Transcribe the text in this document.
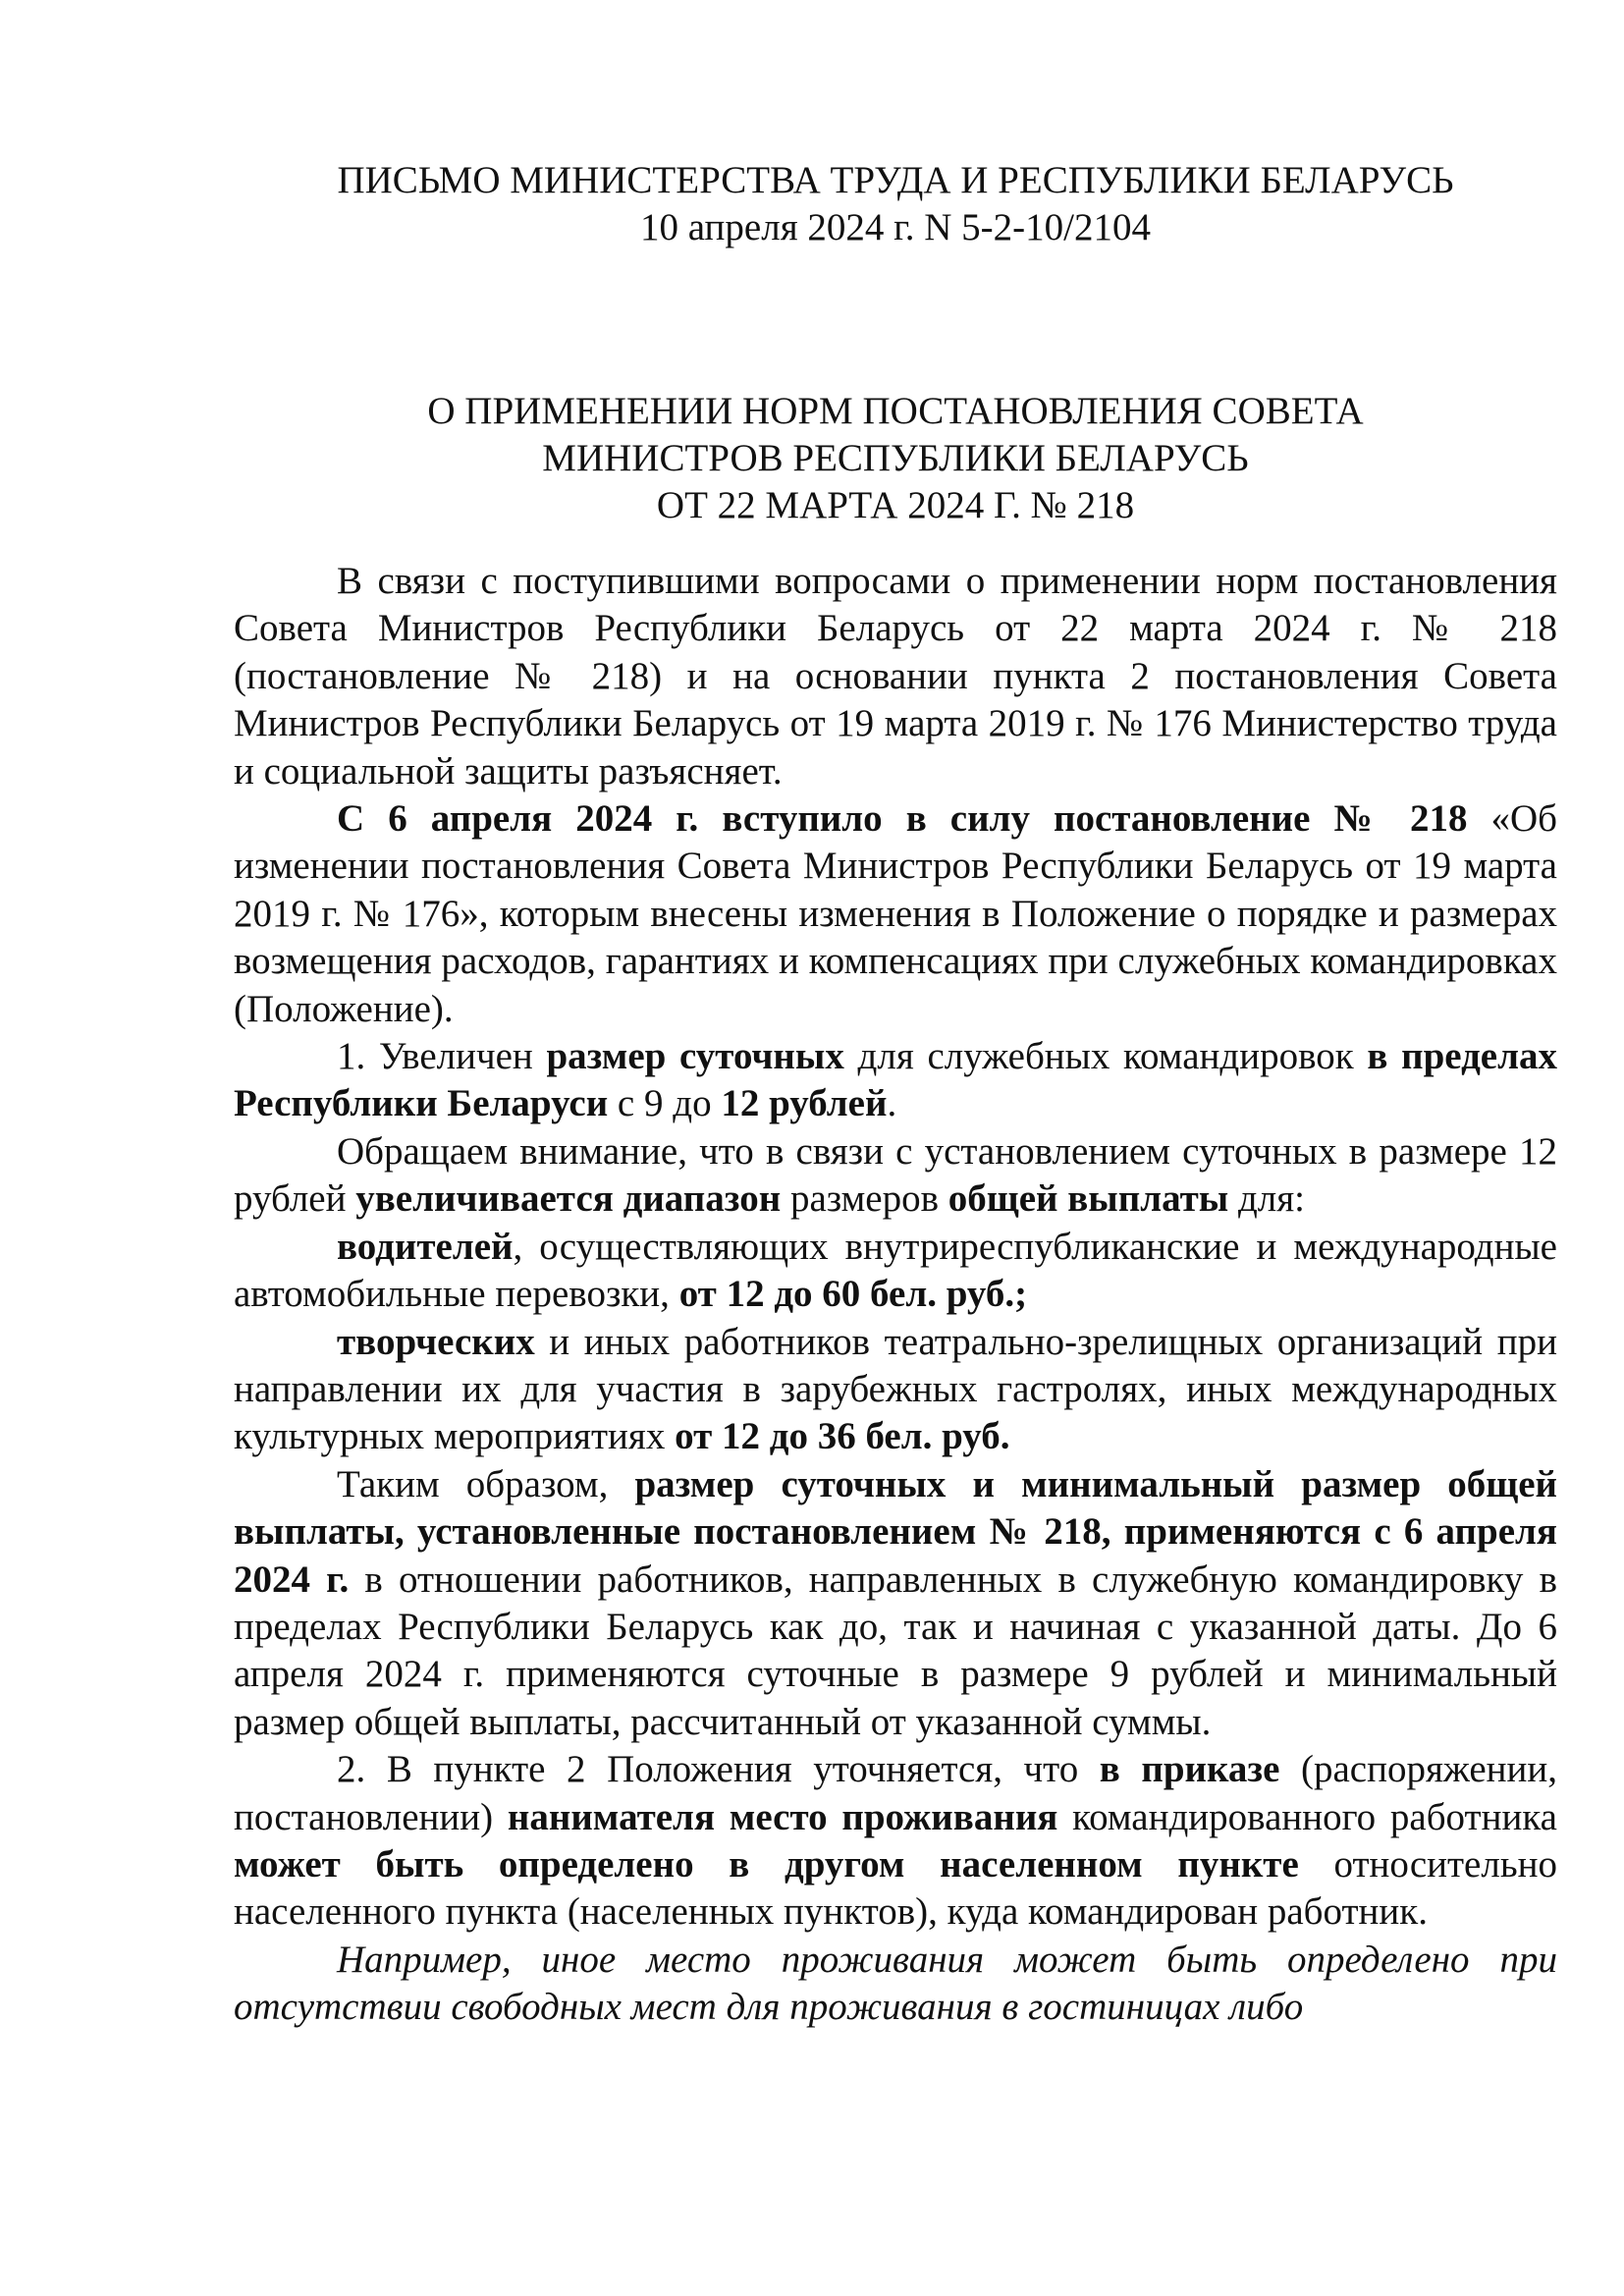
ПИСЬМО МИНИСТЕРСТВА ТРУДА И РЕСПУБЛИКИ БЕЛАРУСЬ
10 апреля 2024 г. N 5-2-10/2104
О ПРИМЕНЕНИИ НОРМ ПОСТАНОВЛЕНИЯ СОВЕТА
МИНИСТРОВ РЕСПУБЛИКИ БЕЛАРУСЬ
ОТ 22 МАРТА 2024 Г. № 218

В связи с поступившими вопросами о применении норм постановления Совета Министров Республики Беларусь от 22 марта 2024 г. № 218 (постановление № 218) и на основании пункта 2 постановления Совета Министров Республики Беларусь от 19 марта 2019 г. № 176 Министерство труда и социальной защиты разъясняет.

С 6 апреля 2024 г. вступило в силу постановление № 218 «Об изменении постановления Совета Министров Республики Беларусь от 19 марта 2019 г. № 176», которым внесены изменения в Положение о порядке и размерах возмещения расходов, гарантиях и компенсациях при служебных командировках (Положение).

1. Увеличен размер суточных для служебных командировок в пределах Республики Беларуси с 9 до 12 рублей.

Обращаем внимание, что в связи с установлением суточных в размере 12 рублей увеличивается диапазон размеров общей выплаты для:

водителей, осуществляющих внутриреспубликанские и международные автомобильные перевозки, от 12 до 60 бел. руб.;

творческих и иных работников театрально-зрелищных организаций при направлении их для участия в зарубежных гастролях, иных международных культурных мероприятиях от 12 до 36 бел. руб.

Таким образом, размер суточных и минимальный размер общей выплаты, установленные постановлением № 218, применяются с 6 апреля 2024 г. в отношении работников, направленных в служебную командировку в пределах Республики Беларусь как до, так и начиная с указанной даты. До 6 апреля 2024 г. применяются суточные в размере 9 рублей и минимальный размер общей выплаты, рассчитанный от указанной суммы.

2. В пункте 2 Положения уточняется, что в приказе (распоряжении, постановлении) нанимателя место проживания командированного работника может быть определено в другом населенном пункте относительно населенного пункта (населенных пунктов), куда командирован работник.

Например, иное место проживания может быть определено при отсутствии свободных мест для проживания в гостиницах либо
